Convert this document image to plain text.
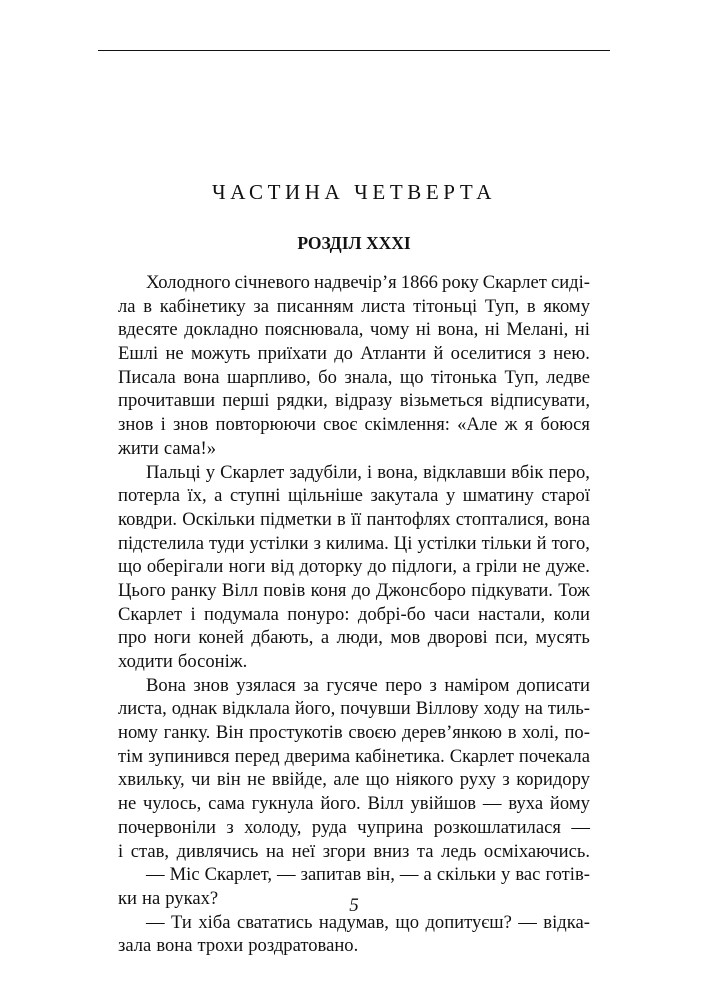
ЧАСТИНА ЧЕТВЕРТА
РОЗДІЛ XXXI
Холодного січневого надвечір’я 1866 року Скарлет сиді-
ла в кабінетику за писанням листа тітоньці Туп, в якому
вдесяте докладно пояснювала, чому ні вона, ні Мелані, ні
Ешлі не можуть приїхати до Атланти й оселитися з нею.
Писала вона шарпливо, бо знала, що тітонька Туп, ледве
прочитавши перші рядки, відразу візьметься відписувати,
знов і знов повторюючи своє скімлення: «Але ж я боюся
жити сама!»
Пальці у Скарлет задубіли, і вона, відклавши вбік перо,
потерла їх, а ступні щільніше закутала у шматину старої
ковдри. Оскільки підметки в її пантофлях стопталися, вона
підстелила туди устілки з килима. Ці устілки тільки й того,
що оберігали ноги від доторку до підлоги, а гріли не дуже.
Цього ранку Вілл повів коня до Джонсборо підкувати. Тож
Скарлет і подумала понуро: добрі-бо часи настали, коли
про ноги коней дбають, а люди, мов дворові пси, мусять
ходити босоніж.
Вона знов узялася за гусяче перо з наміром дописати
листа, однак відклала його, почувши Віллову ходу на тиль-
ному ганку. Він простукотів своєю дерев’янкою в холі, по-
тім зупинився перед дверима кабінетика. Скарлет почекала
хвильку, чи він не ввійде, але що ніякого руху з коридору
не чулось, сама гукнула його. Вілл увійшов — вуха йому
почервоніли з холоду, руда чуприна розкошлатилася —
і став, дивлячись на неї згори вниз та ледь осміхаючись.
— Міс Скарлет, — запитав він, — а скільки у вас готів-
ки на руках?
— Ти хіба свататись надумав, що допитуєш? — відка-
зала вона трохи роздратовано.
5
